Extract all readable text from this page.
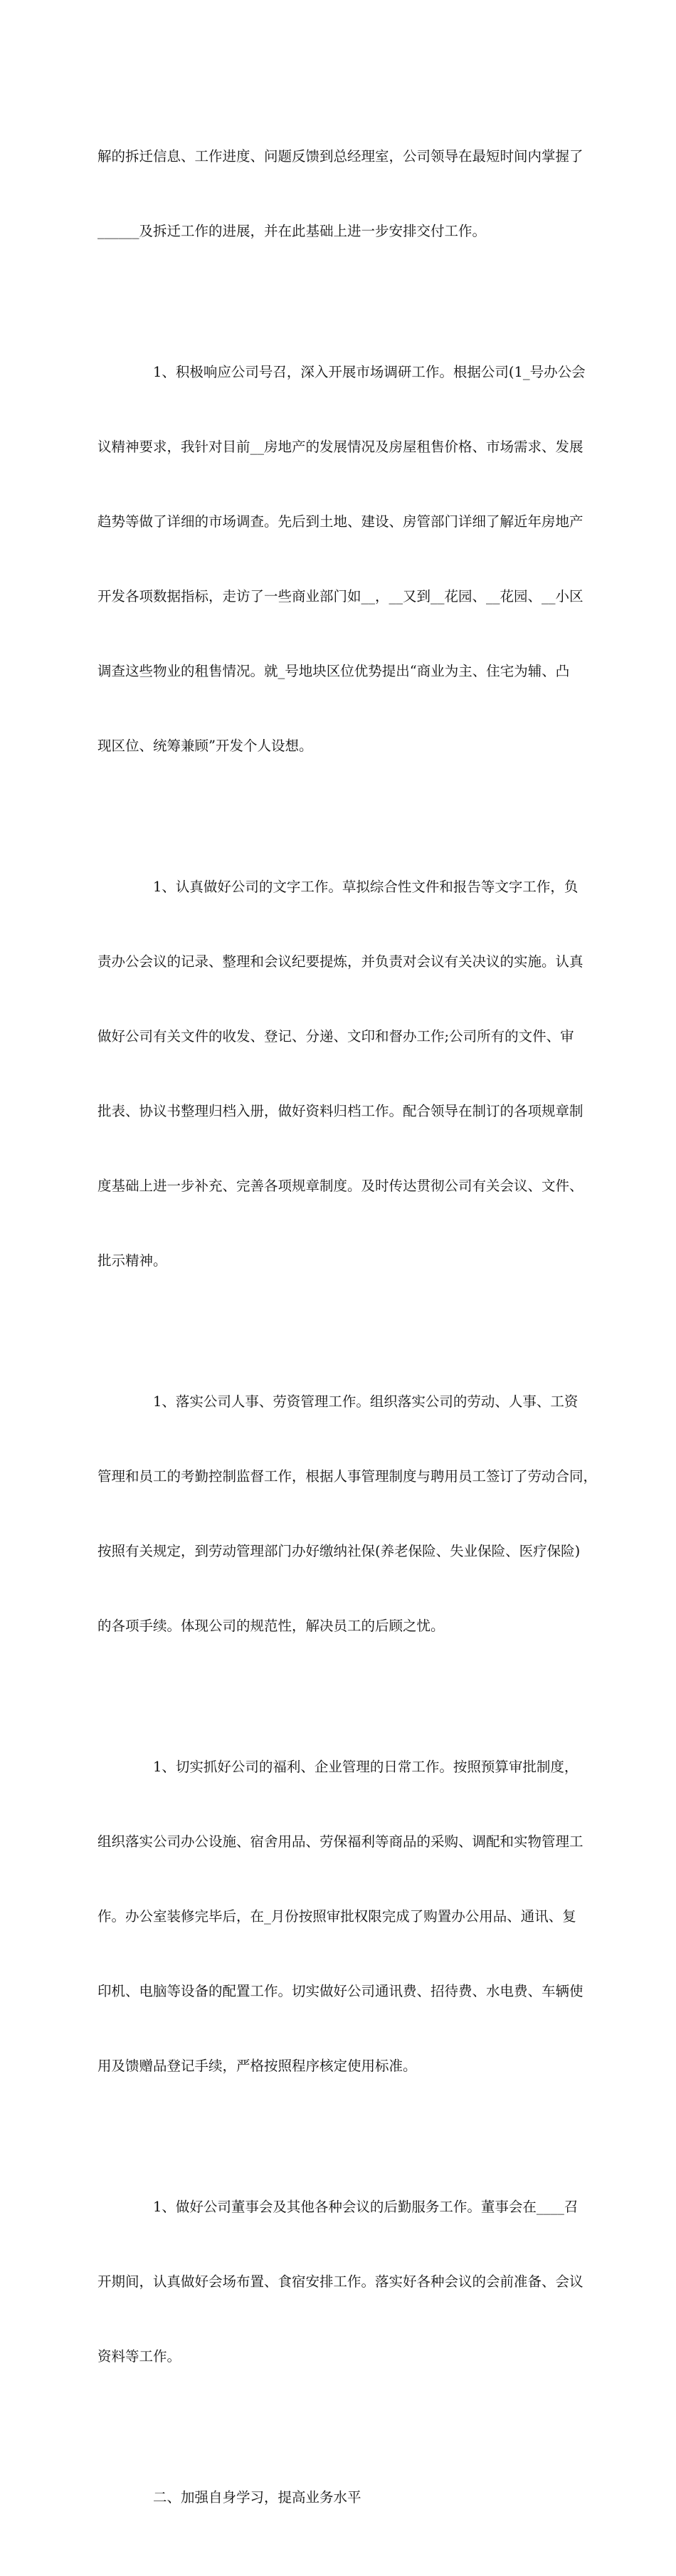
解的拆迁信息、工作进度、问题反馈到总经理室，公司领导在最短时间内掌握了

______及拆迁工作的进展，并在此基础上进一步安排交付工作。

1、积极响应公司号召，深入开展市场调研工作。根据公司(1_号办公会

议精神要求，我针对目前__房地产的发展情况及房屋租售价格、市场需求、发展

趋势等做了详细的市场调查。先后到土地、建设、房管部门详细了解近年房地产

开发各项数据指标，走访了一些商业部门如__，__又到__花园、__花园、__小区

调查这些物业的租售情况。就_号地块区位优势提出“商业为主、住宅为辅、凸

现区位、统筹兼顾”开发个人设想。

1、认真做好公司的文字工作。草拟综合性文件和报告等文字工作，负

责办公会议的记录、整理和会议纪要提炼，并负责对会议有关决议的实施。认真

做好公司有关文件的收发、登记、分递、文印和督办工作;公司所有的文件、审

批表、协议书整理归档入册，做好资料归档工作。配合领导在制订的各项规章制

度基础上进一步补充、完善各项规章制度。及时传达贯彻公司有关会议、文件、

批示精神。

1、落实公司人事、劳资管理工作。组织落实公司的劳动、人事、工资

管理和员工的考勤控制监督工作，根据人事管理制度与聘用员工签订了劳动合同，

按照有关规定，到劳动管理部门办好缴纳社保(养老保险、失业保险、医疗保险)

的各项手续。体现公司的规范性，解决员工的后顾之忧。

1、切实抓好公司的福利、企业管理的日常工作。按照预算审批制度，

组织落实公司办公设施、宿舍用品、劳保福利等商品的采购、调配和实物管理工

作。办公室装修完毕后，在_月份按照审批权限完成了购置办公用品、通讯、复

印机、电脑等设备的配置工作。切实做好公司通讯费、招待费、水电费、车辆使

用及馈赠品登记手续，严格按照程序核定使用标准。

1、做好公司董事会及其他各种会议的后勤服务工作。董事会在____召

开期间，认真做好会场布置、食宿安排工作。落实好各种会议的会前准备、会议

资料等工作。

二、加强自身学习，提高业务水平
